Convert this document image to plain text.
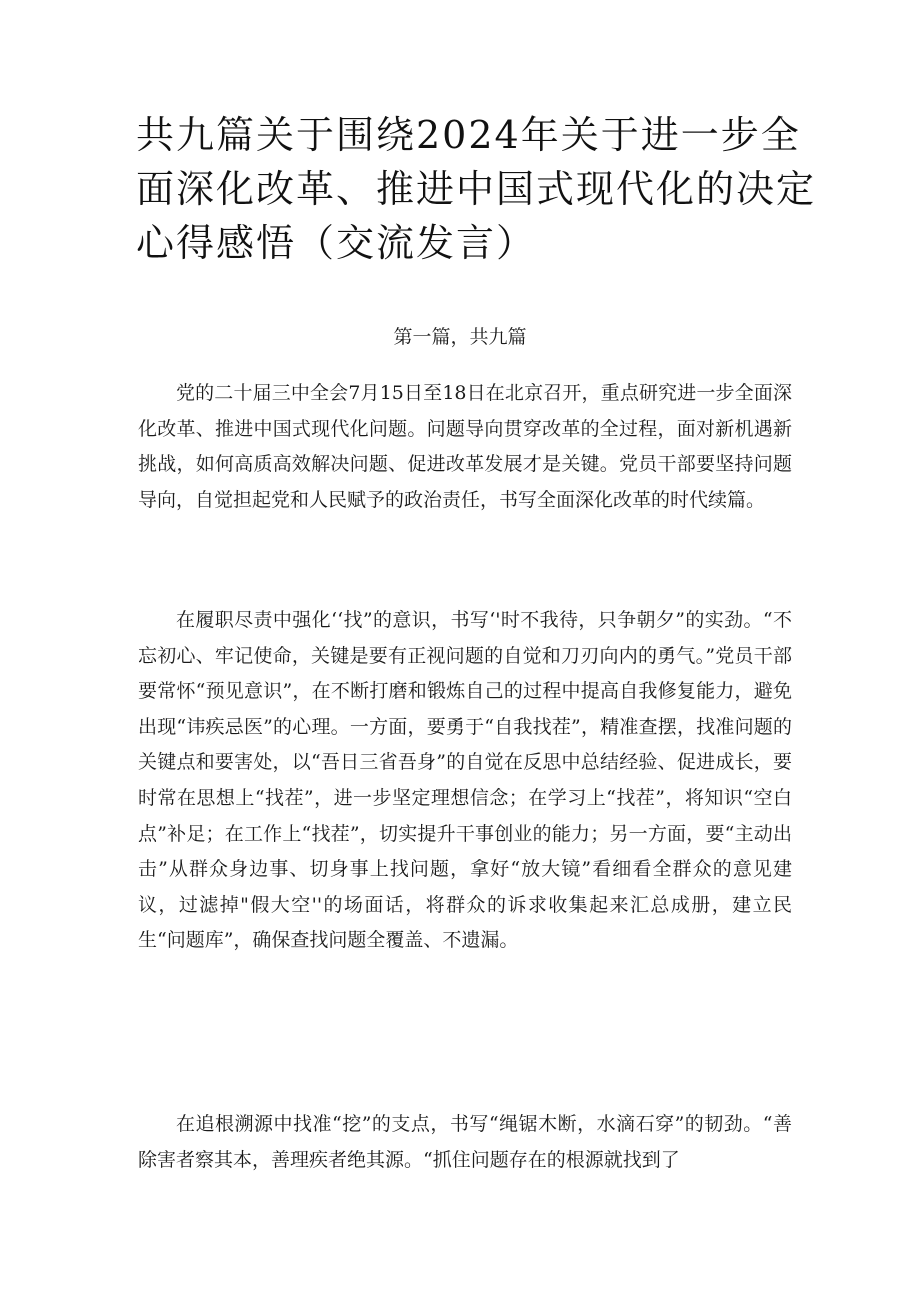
共九篇关于围绕2024年关于进一步全面深化改革、推进中国式现代化的决定心得感悟（交流发言）
第一篇，共九篇

党的二十届三中全会7月15日至18日在北京召开，重点研究进一步全面深化改革、推进中国式现代化问题。问题导向贯穿改革的全过程，面对新机遇新挑战，如何高质高效解决问题、促进改革发展才是关键。党员干部要坚持问题导向，自觉担起党和人民赋予的政治责任，书写全面深化改革的时代续篇。

在履职尽责中强化‘‘找”的意识，书写‘'时不我待，只争朝夕”的实劲。“不忘初心、牢记使命，关键是要有正视问题的自觉和刀刃向内的勇气。”党员干部要常怀“预见意识”，在不断打磨和锻炼自己的过程中提高自我修复能力，避免出现“讳疾忌医”的心理。一方面，要勇于“自我找茬”，精准查摆，找准问题的关键点和要害处，以“吾日三省吾身”的自觉在反思中总结经验、促进成长，要时常在思想上“找茬”，进一步坚定理想信念；在学习上“找茬”，将知识“空白点”补足；在工作上“找茬”，切实提升干事创业的能力；另一方面，要“主动出击”从群众身边事、切身事上找问题，拿好“放大镜”看细看全群众的意见建议，过滤掉"假大空''的场面话，将群众的诉求收集起来汇总成册，建立民生“问题库”，确保查找问题全覆盖、不遗漏。

在追根溯源中找准“挖”的支点，书写“绳锯木断，水滴石穿”的韧劲。“善除害者察其本，善理疾者绝其源。“抓住问题存在的根源就找到了
